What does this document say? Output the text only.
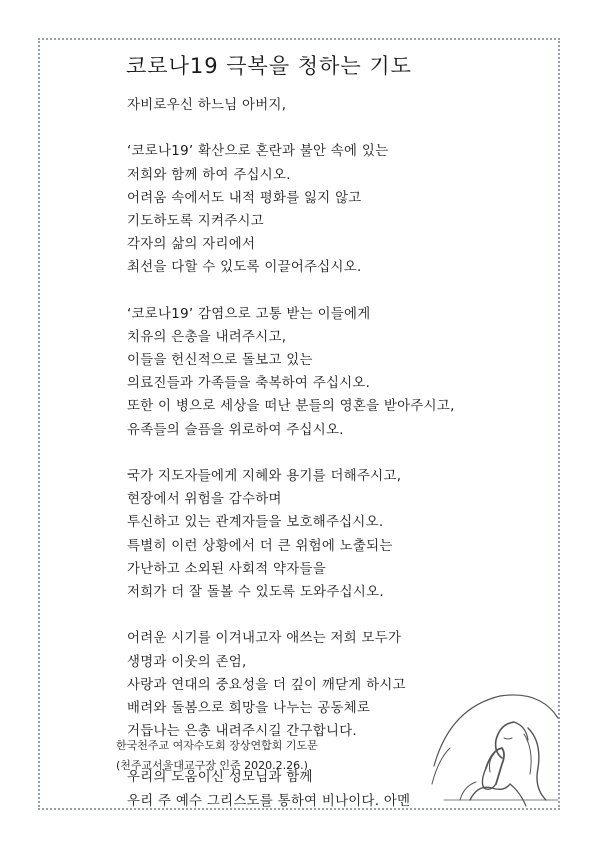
코로나19 극복을 청하는 기도
자비로우신 하느님 아버지,
‘코로나19’ 확산으로 혼란과 불안 속에 있는
저희와 함께 하여 주십시오.
어려움 속에서도 내적 평화를 잃지 않고
기도하도록 지켜주시고
각자의 삶의 자리에서
최선을 다할 수 있도록 이끌어주십시오.
‘코로나19’ 감염으로 고통 받는 이들에게
치유의 은총을 내려주시고,
이들을 헌신적으로 돌보고 있는
의료진들과 가족들을 축복하여 주십시오.
또한 이 병으로 세상을 떠난 분들의 영혼을 받아주시고,
유족들의 슬픔을 위로하여 주십시오.
국가 지도자들에게 지혜와 용기를 더해주시고,
현장에서 위험을 감수하며
투신하고 있는 관계자들을 보호해주십시오.
특별히 이런 상황에서 더 큰 위험에 노출되는
가난하고 소외된 사회적 약자들을
저희가 더 잘 돌볼 수 있도록 도와주십시오.
어려운 시기를 이겨내고자 애쓰는 저희 모두가
생명과 이웃의 존엄,
사랑과 연대의 중요성을 더 깊이 깨닫게 하시고
배려와 돌봄으로 희망을 나누는 공동체로
거듭나는 은총 내려주시길 간구합니다.
우리의 도움이신 성모님과 함께
우리 주 예수 그리스도를 통하여 비나이다. 아멘
한국천주교 여자수도회 장상연합회 기도문
(천주교서울대교구장 인준 2020.2.26.)
